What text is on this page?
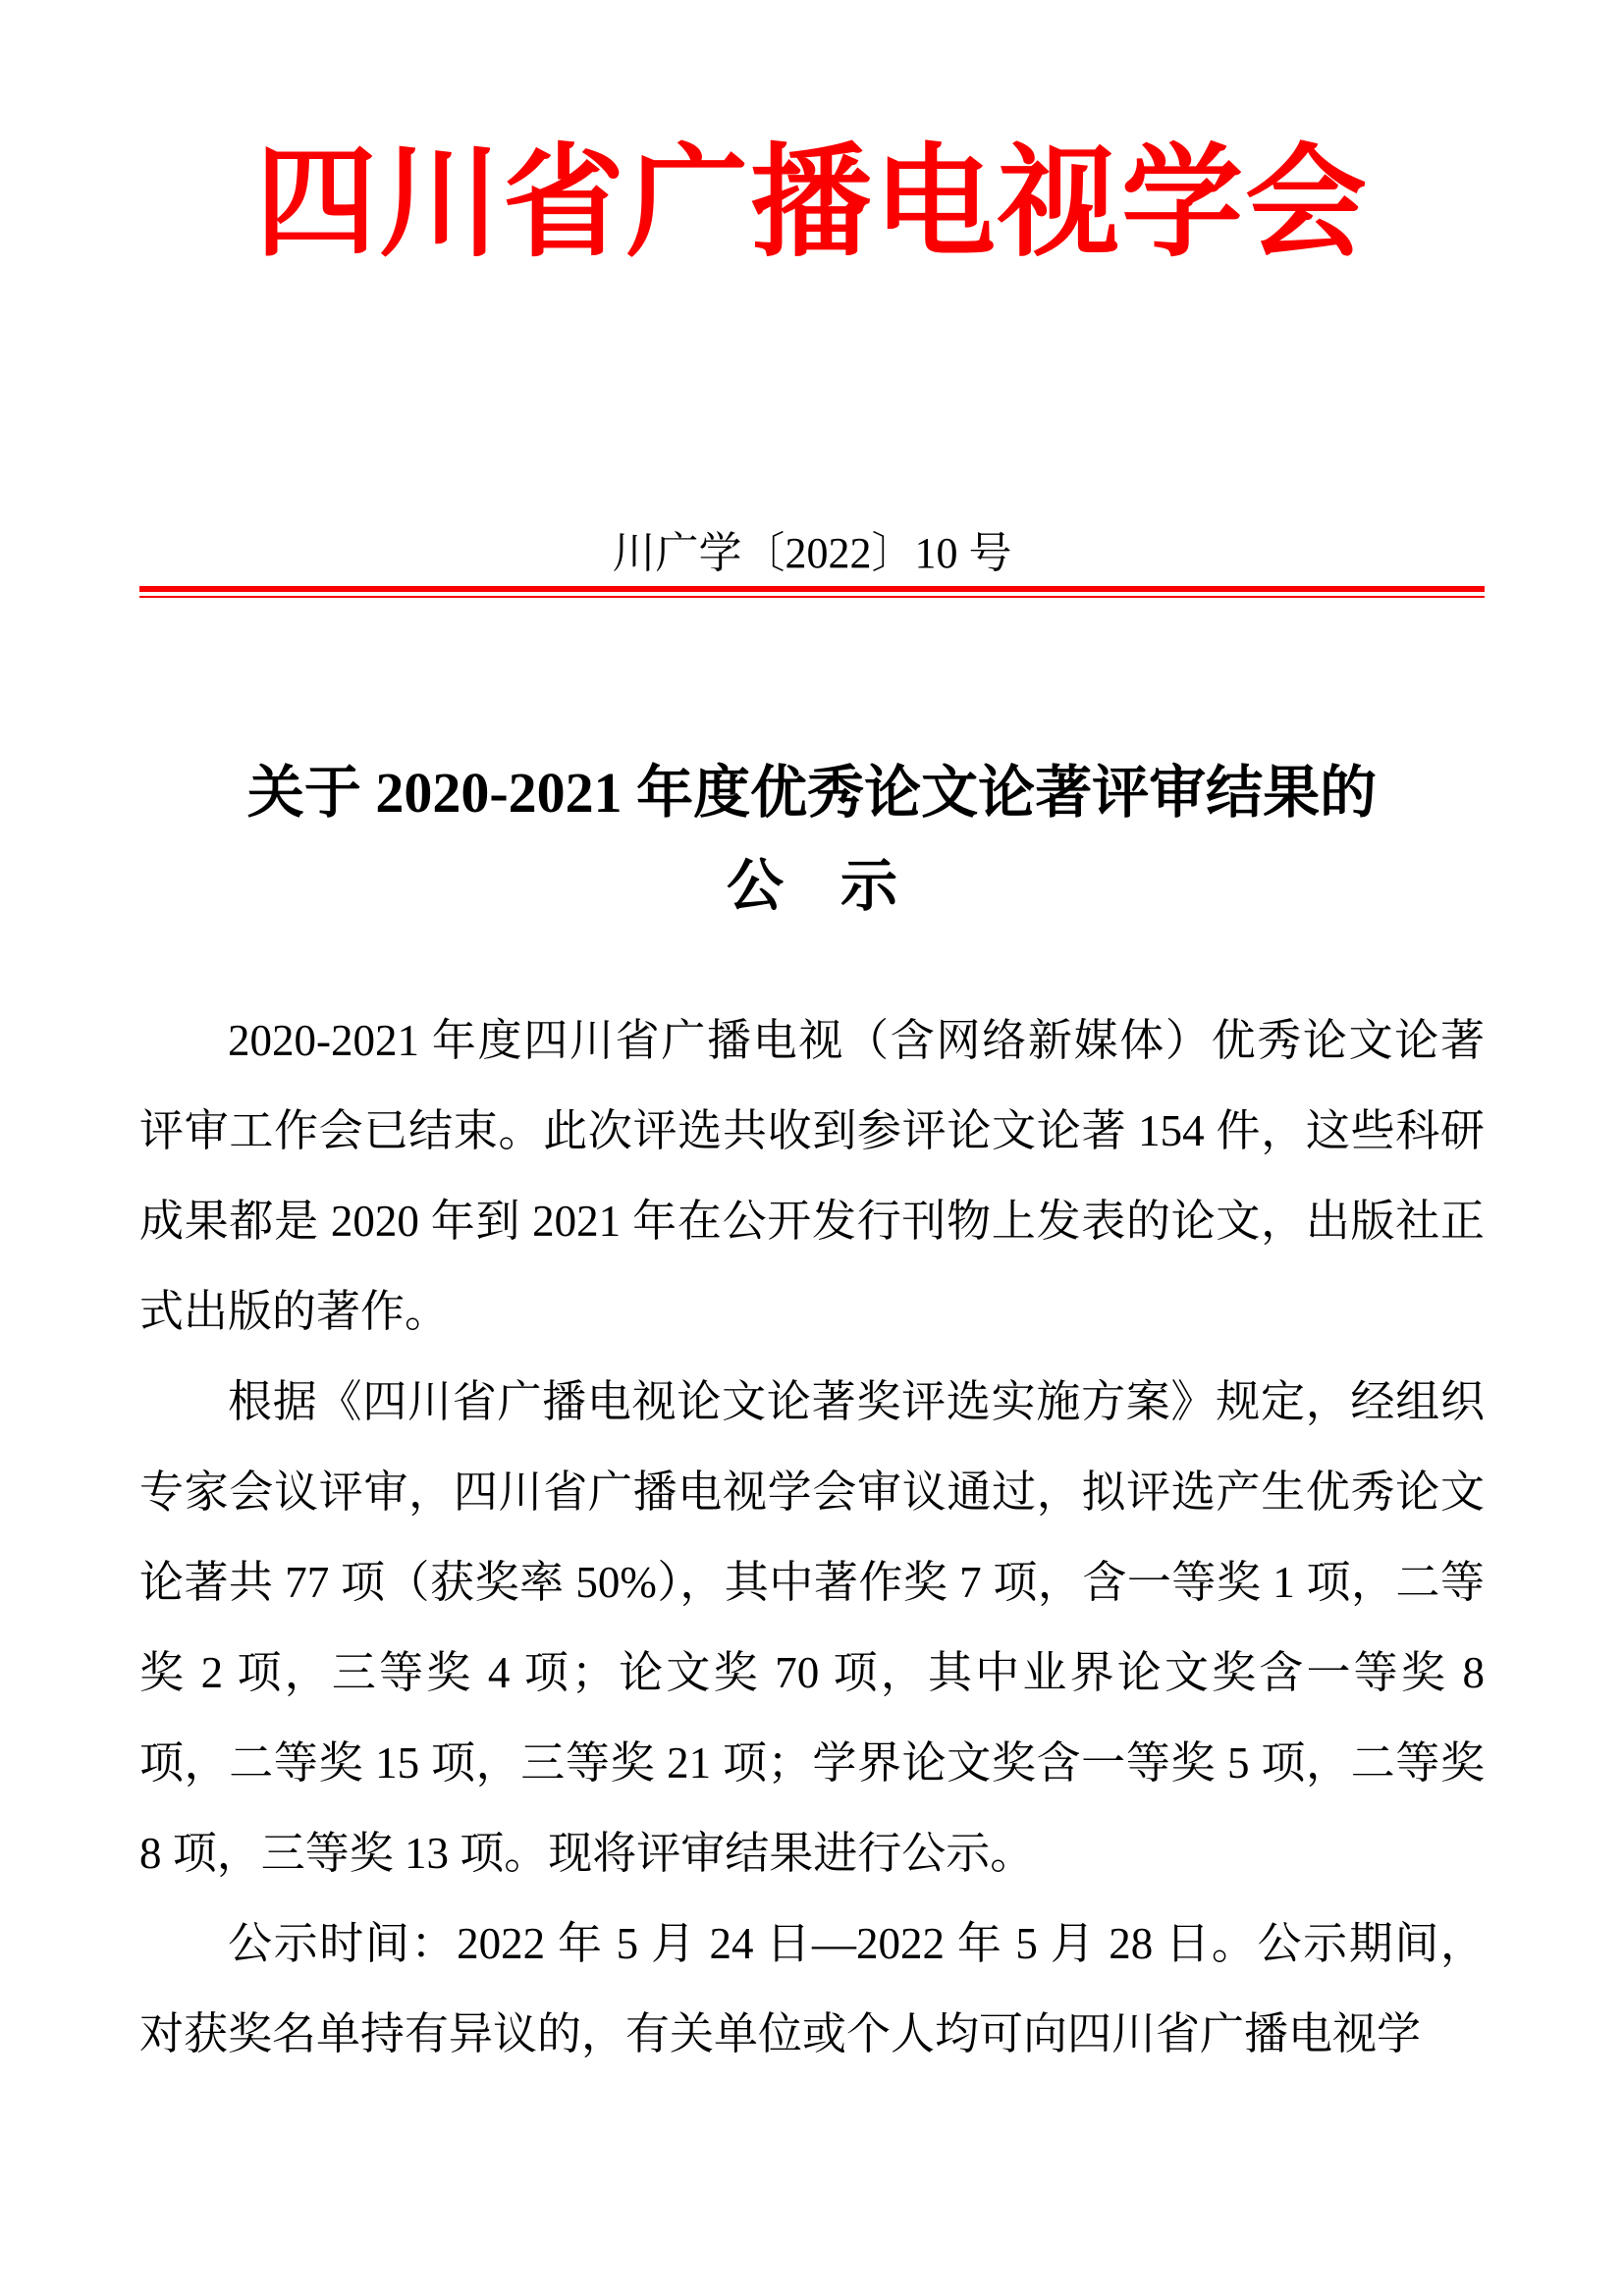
四川省广播电视学会
川广学〔2022〕10 号
关于 2020-2021 年度优秀论文论著评审结果的
公　示

2020-2021 年度四川省广播电视（含网络新媒体）优秀论文论著评审工作会已结束。此次评选共收到参评论文论著 154 件，这些科研成果都是 2020 年到 2021 年在公开发行刊物上发表的论文，出版社正式出版的著作。

根据《四川省广播电视论文论著奖评选实施方案》规定，经组织专家会议评审，四川省广播电视学会审议通过，拟评选产生优秀论文论著共 77 项（获奖率 50%），其中著作奖 7 项，含一等奖 1 项，二等奖 2 项，三等奖 4 项；论文奖 70 项，其中业界论文奖含一等奖 8 项，二等奖 15 项，三等奖 21 项；学界论文奖含一等奖 5 项，二等奖 8 项，三等奖 13 项。现将评审结果进行公示。

公示时间：2022 年 5 月 24 日—2022 年 5 月 28 日。公示期间，对获奖名单持有异议的，有关单位或个人均可向四川省广播电视学
